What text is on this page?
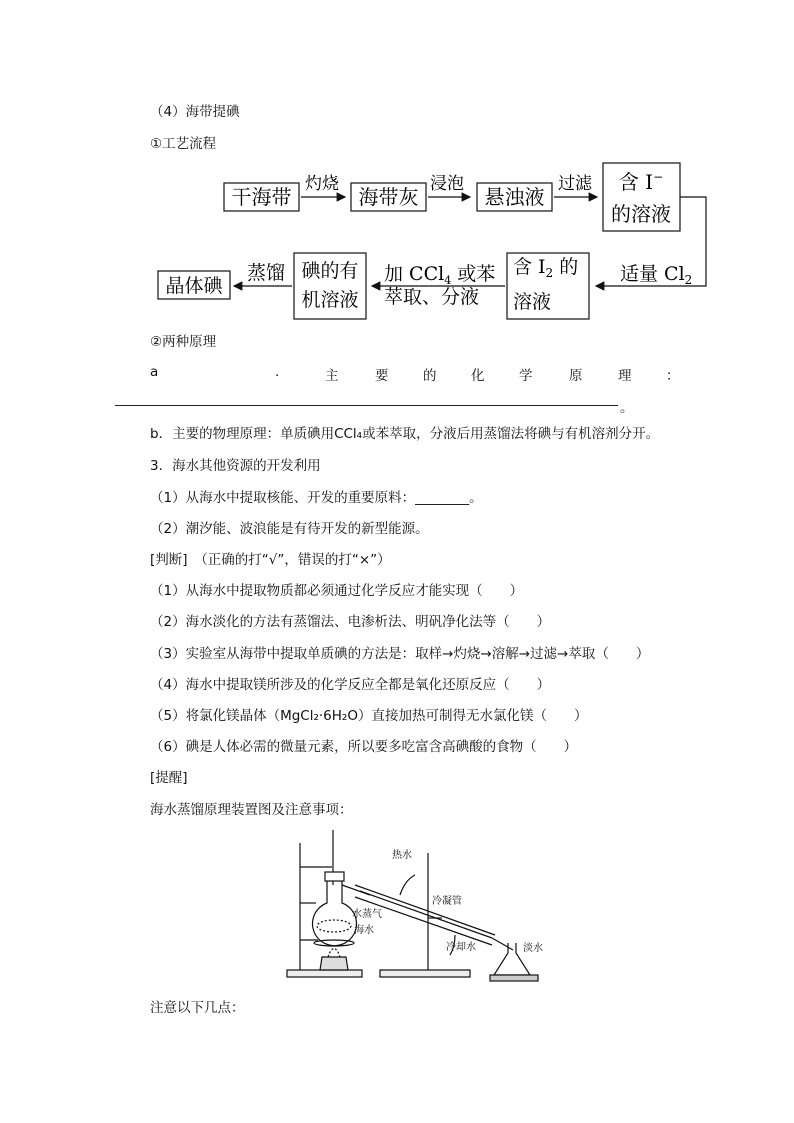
（4）海带提碘
①工艺流程
干海带
灼烧
海带灰
浸泡
悬浊液
过滤 含 I−
的溶液
适量 $Cl_2$
含 $I_2$ 的
溶液
加 CCl$_4$ 或苯
萃取、分液
碘的有
机溶液
蒸馏
晶体碘
②两种原理
a	.	主	要	的	化	学	原	理	：
。
b．主要的物理原理：单质碘用CCl₄或苯萃取，分液后用蒸馏法将碘与有机溶剂分开。
3．海水其他资源的开发利用
（1）从海水中提取核能、开发的重要原料：________。
（2）潮汐能、波浪能是有待开发的新型能源。
[判断]　（正确的打“√”，错误的打“×”）
（1）从海水中提取物质都必须通过化学反应才能实现（　　）
（2）海水淡化的方法有蒸馏法、电渗析法、明矾净化法等（　　）
（3）实验室从海带中提取单质碘的方法是：取样→灼烧→溶解→过滤→萃取（　　）
（4）海水中提取镁所涉及的化学反应全都是氧化还原反应（　　）
（5）将氯化镁晶体（MgCl₂·6H₂O）直接加热可制得无水氯化镁（　　）
（6）碘是人体必需的微量元素，所以要多吃富含高碘酸的食物（　　）
[提醒]
海水蒸馏原理装置图及注意事项：
热水
冷凝管
水蒸气
海水
冷却水	淡水
注意以下几点：
